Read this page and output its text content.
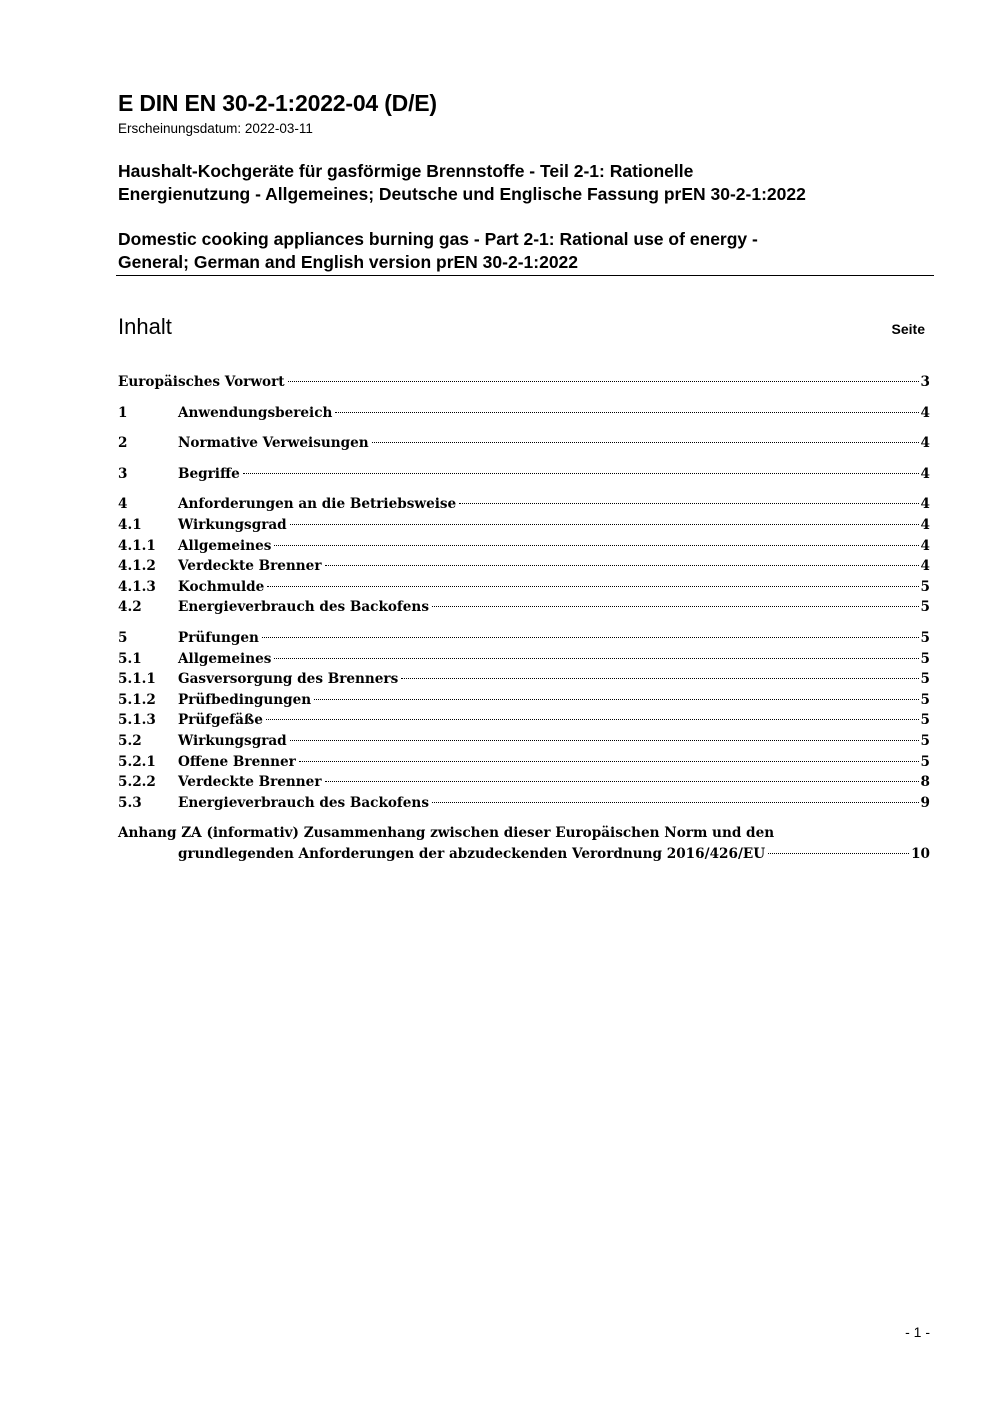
E DIN EN 30-2-1:2022-04 (D/E)
Erscheinungsdatum: 2022-03-11
Haushalt-Kochgeräte für gasförmige Brennstoffe - Teil 2-1: Rationelle
Energienutzung - Allgemeines; Deutsche und Englische Fassung prEN 30-2-1:2022
Domestic cooking appliances burning gas - Part 2-1: Rational use of energy -
General; German and English version prEN 30-2-1:2022
Inhalt	Seite
Europäisches Vorwort	3
1	Anwendungsbereich	4
2	Normative Verweisungen	4
3	Begriffe	4
4	Anforderungen an die Betriebsweise	4
4.1	Wirkungsgrad	4
4.1.1	Allgemeines	4
4.1.2	Verdeckte Brenner	4
4.1.3	Kochmulde	5
4.2	Energieverbrauch des Backofens	5
5	Prüfungen	5
5.1	Allgemeines	5
5.1.1	Gasversorgung des Brenners	5
5.1.2	Prüfbedingungen	5
5.1.3	Prüfgefäße	5
5.2	Wirkungsgrad	5
5.2.1	Offene Brenner	5
5.2.2	Verdeckte Brenner	8
5.3	Energieverbrauch des Backofens	9
Anhang ZA (informativ) Zusammenhang zwischen dieser Europäischen Norm und den
grundlegenden Anforderungen der abzudeckenden Verordnung 2016/426/EU	10
- 1 -
